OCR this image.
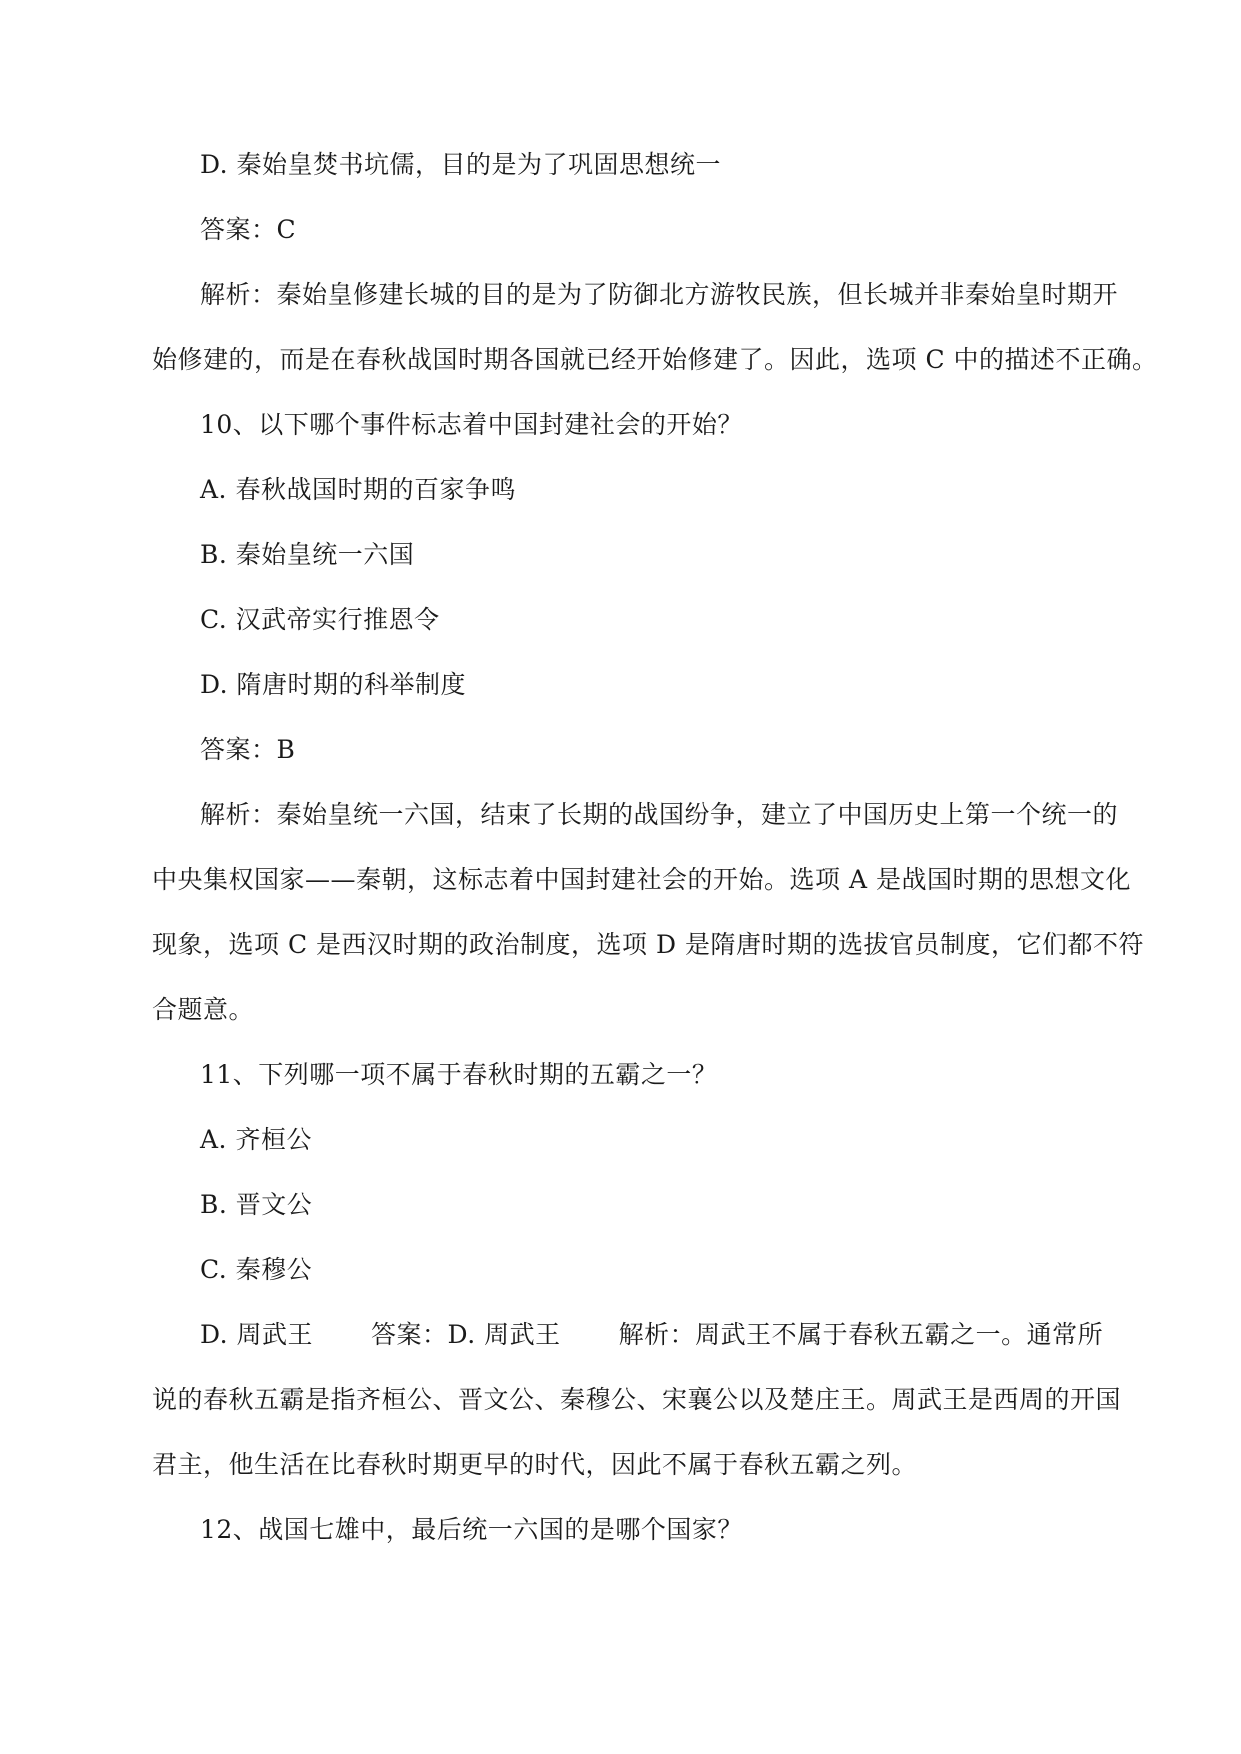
D. 秦始皇焚书坑儒，目的是为了巩固思想统一
答案：C
解析：秦始皇修建长城的目的是为了防御北方游牧民族，但长城并非秦始皇时期开
始修建的，而是在春秋战国时期各国就已经开始修建了。因此，选项 C 中的描述不正确。
10、以下哪个事件标志着中国封建社会的开始？
A. 春秋战国时期的百家争鸣
B. 秦始皇统一六国
C. 汉武帝实行推恩令
D. 隋唐时期的科举制度
答案：B
解析：秦始皇统一六国，结束了长期的战国纷争，建立了中国历史上第一个统一的
中央集权国家——秦朝，这标志着中国封建社会的开始。选项 A 是战国时期的思想文化
现象，选项 C 是西汉时期的政治制度，选项 D 是隋唐时期的选拔官员制度，它们都不符
合题意。
11、下列哪一项不属于春秋时期的五霸之一？
A. 齐桓公
B. 晋文公
C. 秦穆公
D. 周武王 答案：D. 周武王 解析：周武王不属于春秋五霸之一。通常所
说的春秋五霸是指齐桓公、晋文公、秦穆公、宋襄公以及楚庄王。周武王是西周的开国
君主，他生活在比春秋时期更早的时代，因此不属于春秋五霸之列。
12、战国七雄中，最后统一六国的是哪个国家？
